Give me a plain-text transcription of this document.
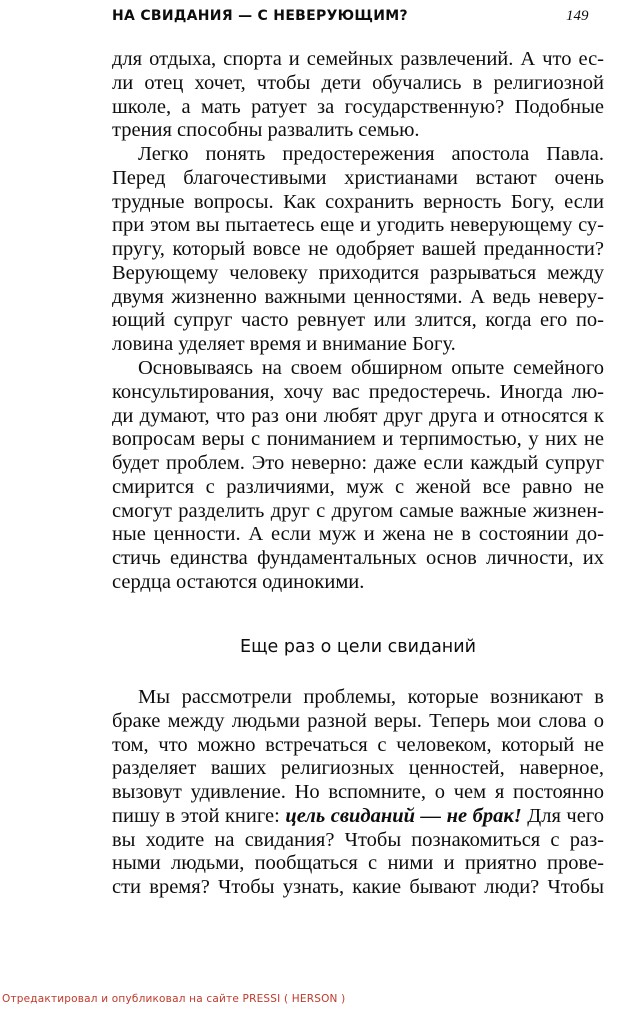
НА СВИДАНИЯ — С НЕВЕРУЮЩИМ?	149
для отдыха, спорта и семейных развлечений. А что ес-
ли отец хочет, чтобы дети обучались в религиозной
школе, а мать ратует за государственную? Подобные
трения способны развалить семью.
Легко понять предостережения апостола Павла.
Перед благочестивыми христианами встают очень
трудные вопросы. Как сохранить верность Богу, если
при этом вы пытаетесь еще и угодить неверующему су-
пругу, который вовсе не одобряет вашей преданности?
Верующему человеку приходится разрываться между
двумя жизненно важными ценностями. А ведь неверу-
ющий супруг часто ревнует или злится, когда его по-
ловина уделяет время и внимание Богу.
Основываясь на своем обширном опыте семейного
консультирования, хочу вас предостеречь. Иногда лю-
ди думают, что раз они любят друг друга и относятся к
вопросам веры с пониманием и терпимостью, у них не
будет проблем. Это неверно: даже если каждый супруг
смирится с различиями, муж с женой все равно не
смогут разделить друг с другом самые важные жизнен-
ные ценности. А если муж и жена не в состоянии до-
стичь единства фундаментальных основ личности, их
сердца остаются одинокими.
Еще раз о цели свиданий
Мы рассмотрели проблемы, которые возникают в
браке между людьми разной веры. Теперь мои слова о
том, что можно встречаться с человеком, который не
разделяет ваших религиозных ценностей, наверное,
вызовут удивление. Но вспомните, о чем я постоянно
пишу в этой книге: цель свиданий — не брак! Для чего
вы ходите на свидания? Чтобы познакомиться с раз-
ными людьми, пообщаться с ними и приятно прове-
сти время? Чтобы узнать, какие бывают люди? Чтобы
Отредактировал и опубликовал на сайте PRESSI ( HERSON )
